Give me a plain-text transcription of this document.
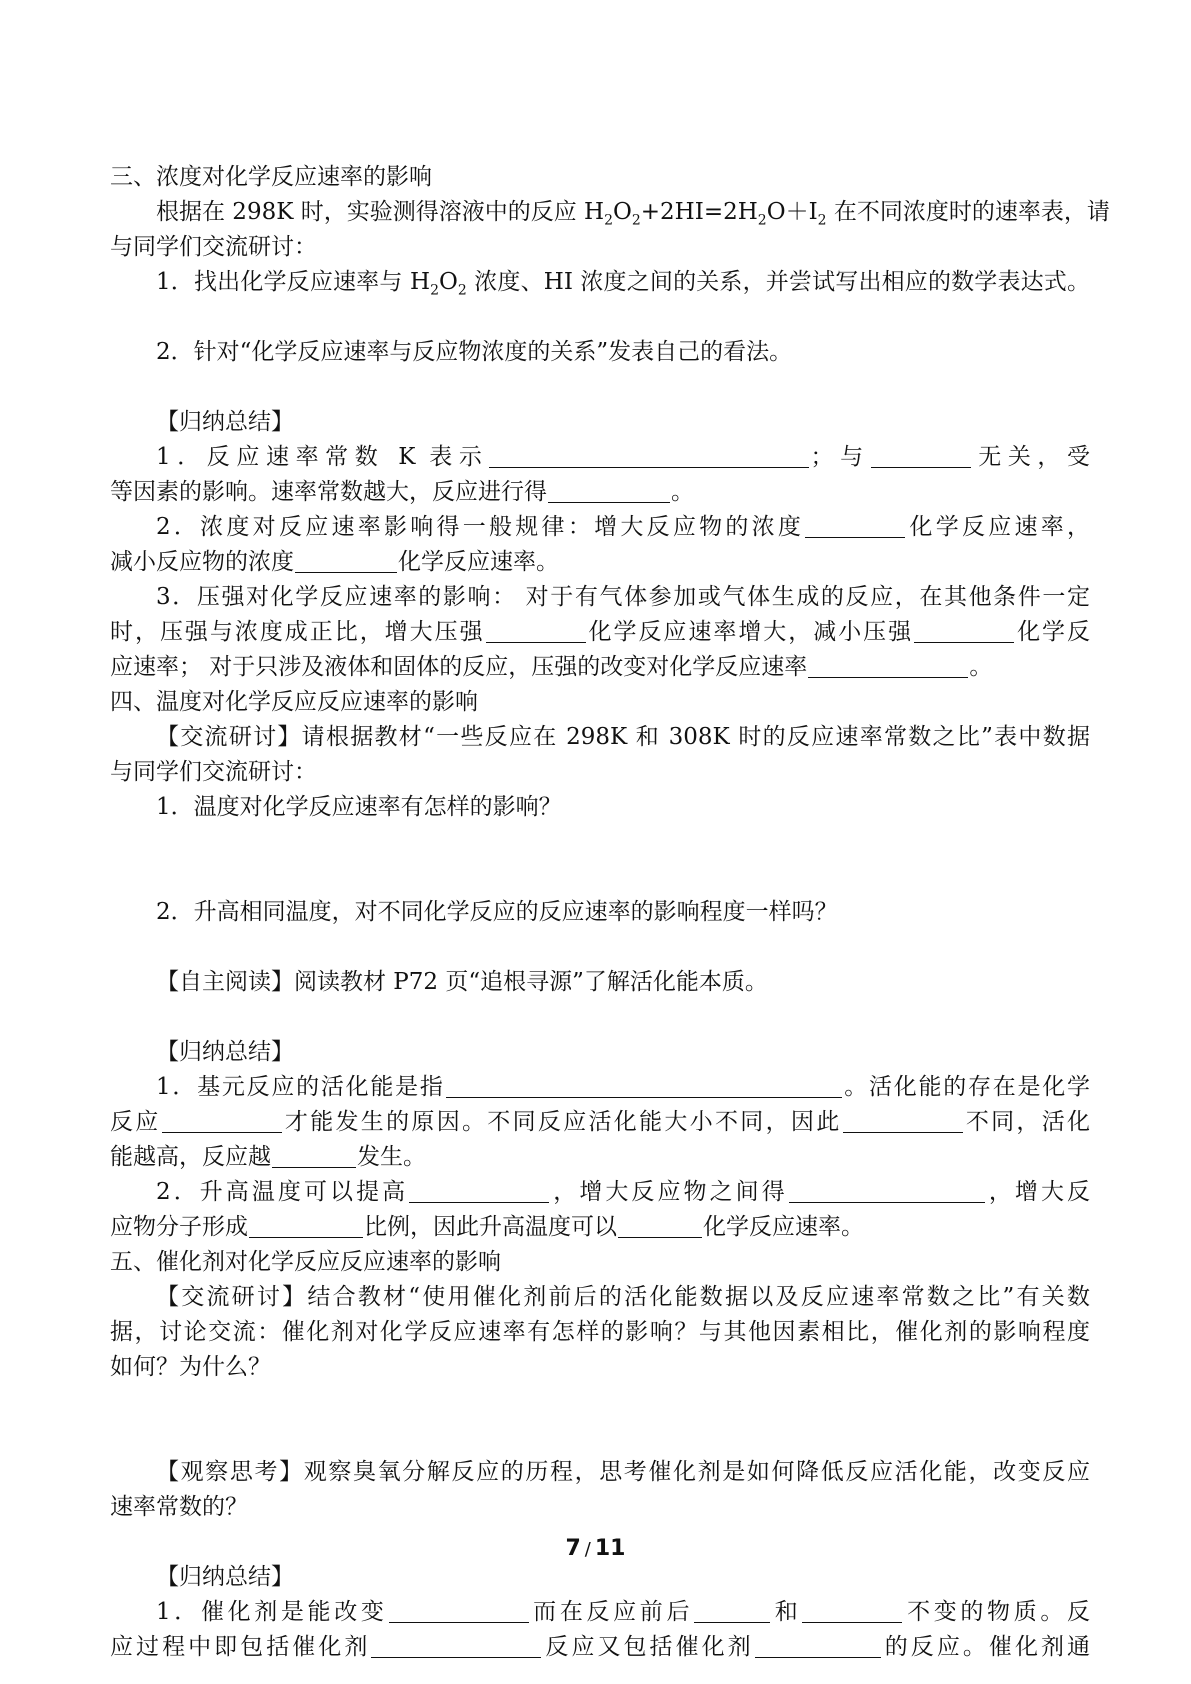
三、浓度对化学反应速率的影响
根据在 298K 时，实验测得溶液中的反应 $H_2O_2+2HI=2H_2O+I_2$ 在不同浓度时的速率表，请
与同学们交流研讨：
1．找出化学反应速率与 $H_2O_2$ 浓度、HI 浓度之间的关系，并尝试写出相应的数学表达式。
2．针对“化学反应速率与反应物浓度的关系”发表自己的看法。
【归纳总结】
1．反应速率常数 K 表示	；与	无关，受
等因素的影响。速率常数越大，反应进行得	。
2．浓度对反应速率影响得一般规律：增大反应物的浓度	化学反应速率，
减小反应物的浓度	化学反应速率。
3．压强对化学反应速率的影响： 对于有气体参加或气体生成的反应，在其他条件一定
时，压强与浓度成正比，增大压强	化学反应速率增大，减小压强	化学反
应速率； 对于只涉及液体和固体的反应，压强的改变对化学反应速率	。
四、温度对化学反应反应速率的影响
【交流研讨】请根据教材“一些反应在 298K 和 308K 时的反应速率常数之比”表中数据
与同学们交流研讨：
1．温度对化学反应速率有怎样的影响？
2．升高相同温度，对不同化学反应的反应速率的影响程度一样吗？
【自主阅读】阅读教材 P72 页“追根寻源”了解活化能本质。
【归纳总结】
1．基元反应的活化能是指	。活化能的存在是化学
反应	才能发生的原因。不同反应活化能大小不同，因此	不同，活化
能越高，反应越	发生。
2．升高温度可以提高	，增大反应物之间得	，增大反
应物分子形成	比例，因此升高温度可以	化学反应速率。
五、催化剂对化学反应反应速率的影响
【交流研讨】结合教材“使用催化剂前后的活化能数据以及反应速率常数之比”有关数
据，讨论交流：催化剂对化学反应速率有怎样的影响？与其他因素相比，催化剂的影响程度
如何？为什么？
【观察思考】观察臭氧分解反应的历程，思考催化剂是如何降低反应活化能，改变反应
速率常数的？
【归纳总结】
1．催化剂是能改变	而在反应前后	和	不变的物质。反
应过程中即包括催化剂	反应又包括催化剂	的反应。催化剂通
7 / 11
